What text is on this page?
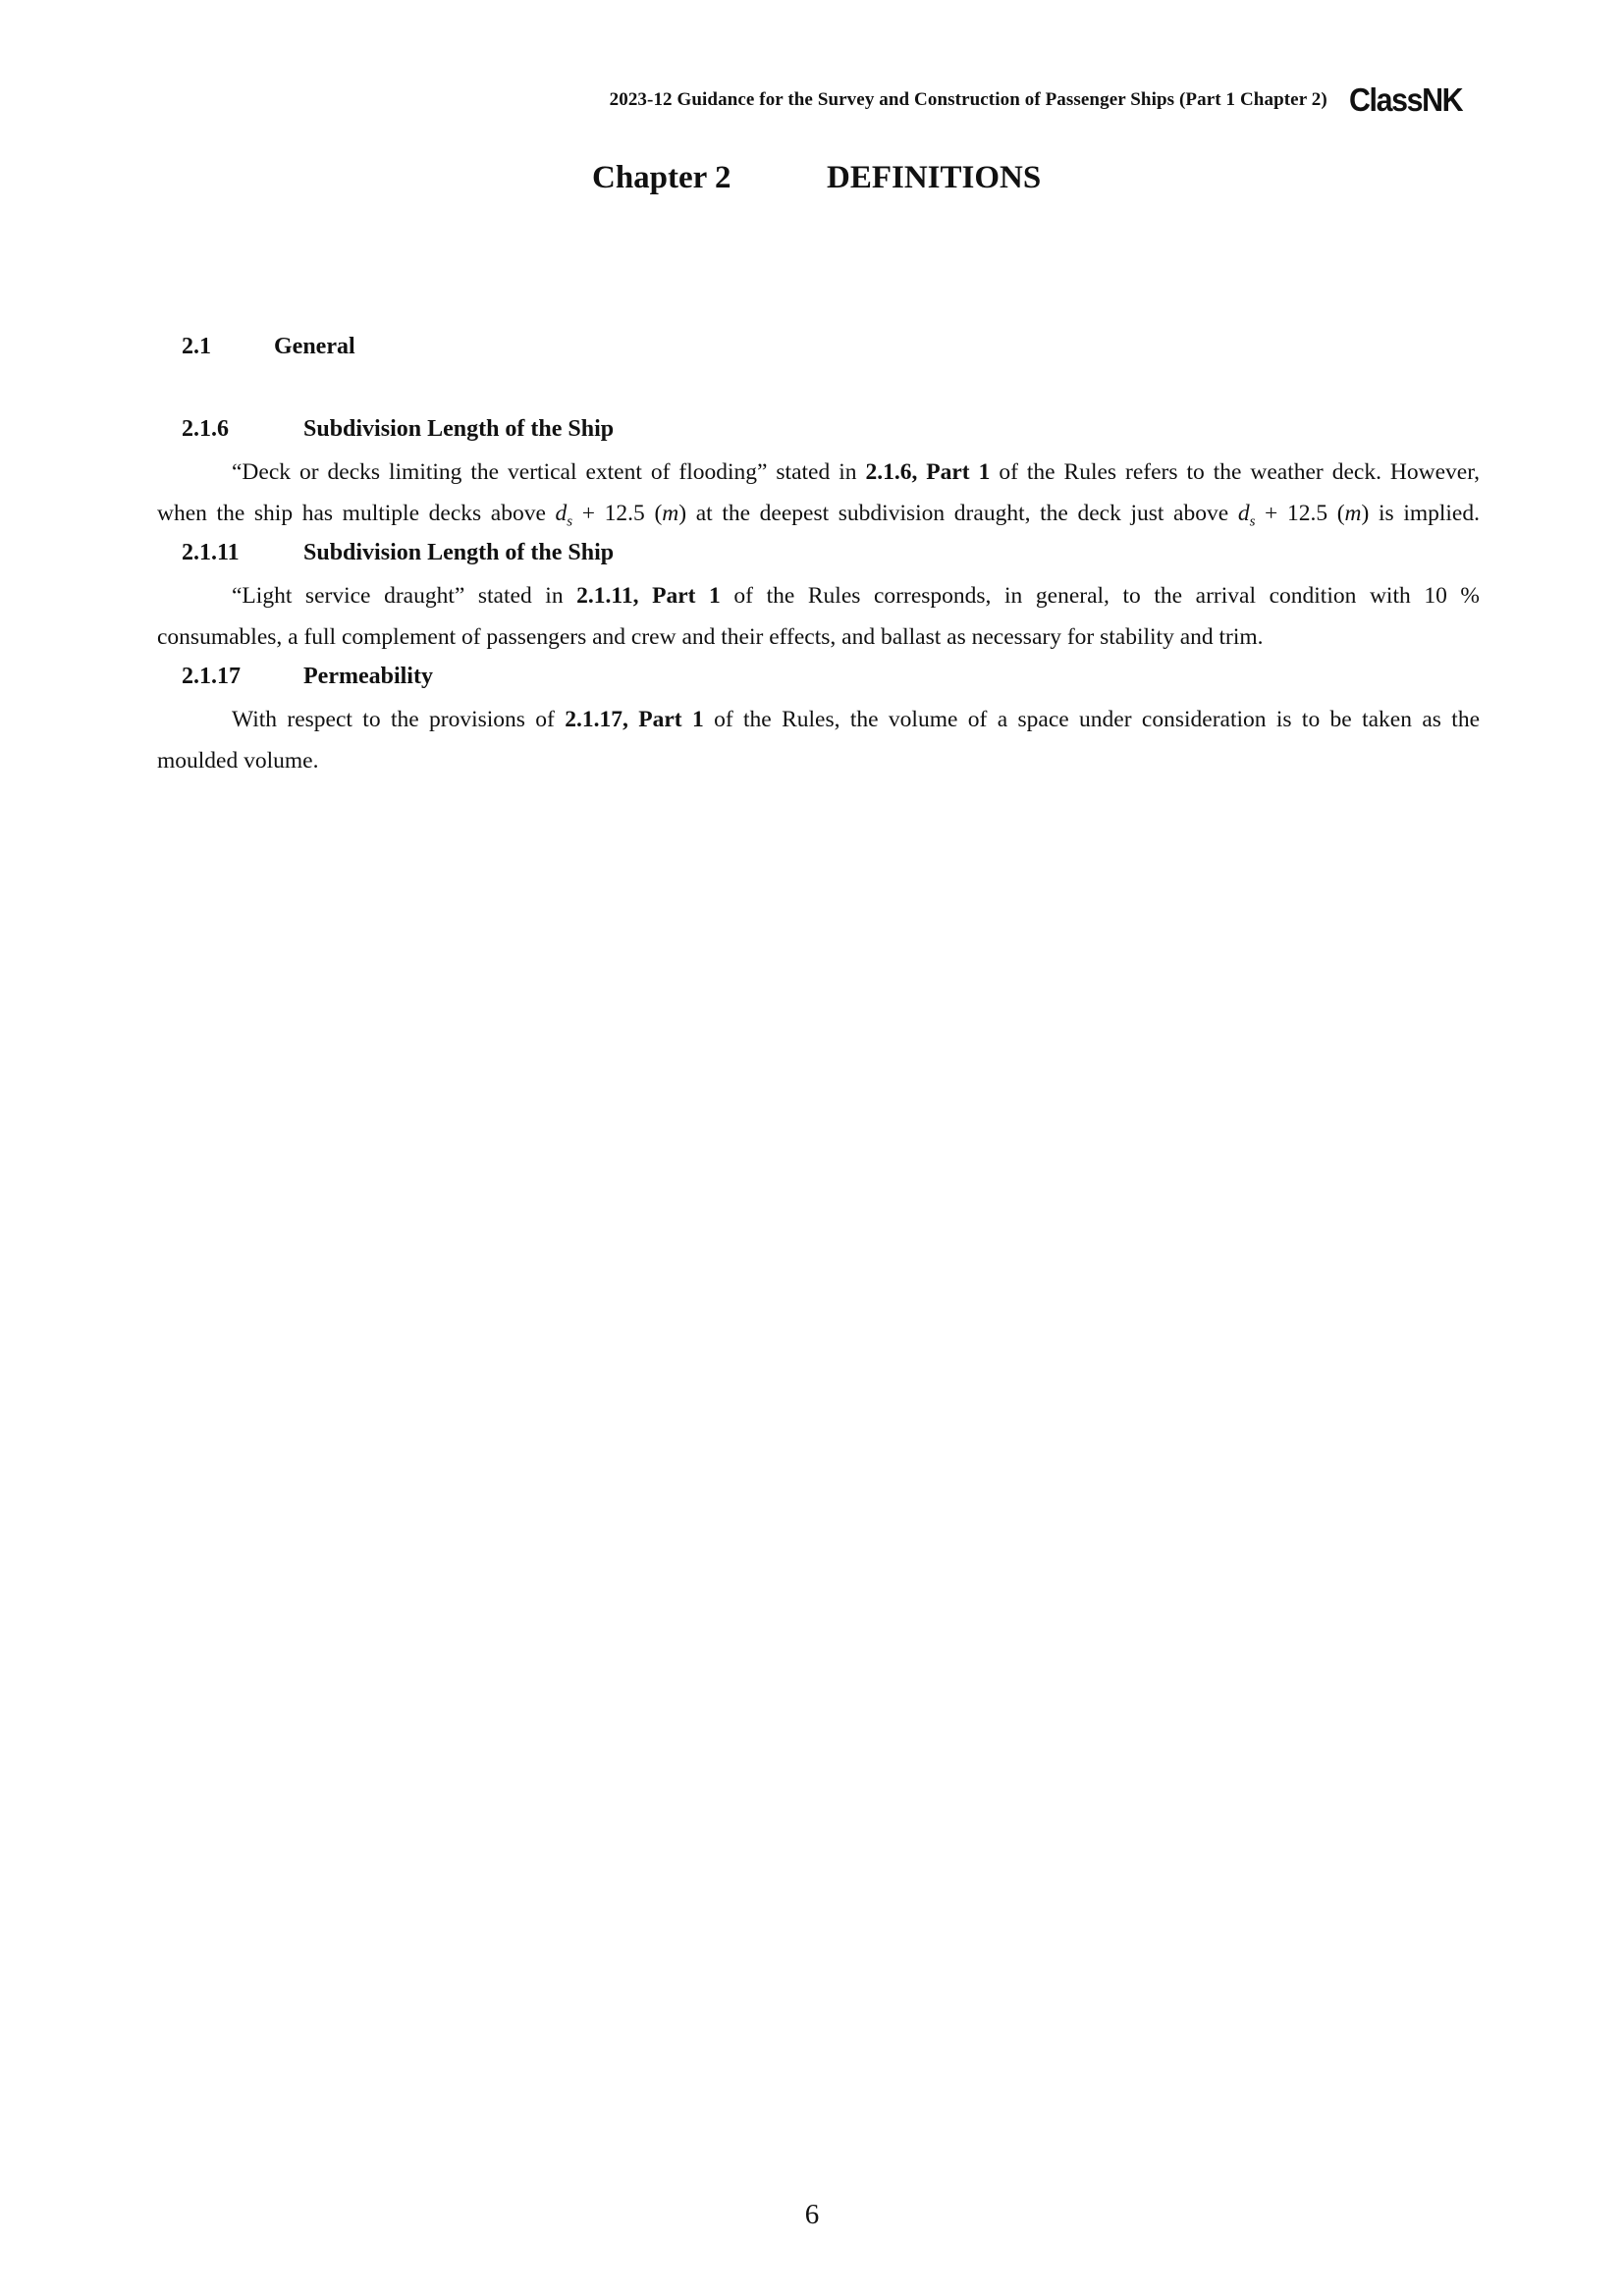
2023-12 Guidance for the Survey and Construction of Passenger Ships (Part 1 Chapter 2) ClassNK
Chapter 2	DEFINITIONS
2.1	General
2.1.6	Subdivision Length of the Ship
“Deck or decks limiting the vertical extent of flooding” stated in 2.1.6, Part 1 of the Rules refers to the weather deck. However,
when the ship has multiple decks above $d_s + 12.5$ (m) at the deepest subdivision draught, the deck just above $d_s + 12.5$ (m) is implied.
2.1.11	Subdivision Length of the Ship
“Light service draught” stated in 2.1.11, Part 1 of the Rules corresponds, in general, to the arrival condition with 10 %
consumables, a full complement of passengers and crew and their effects, and ballast as necessary for stability and trim.
2.1.17	Permeability
With respect to the provisions of 2.1.17, Part 1 of the Rules, the volume of a space under consideration is to be taken as the
moulded volume.
6
